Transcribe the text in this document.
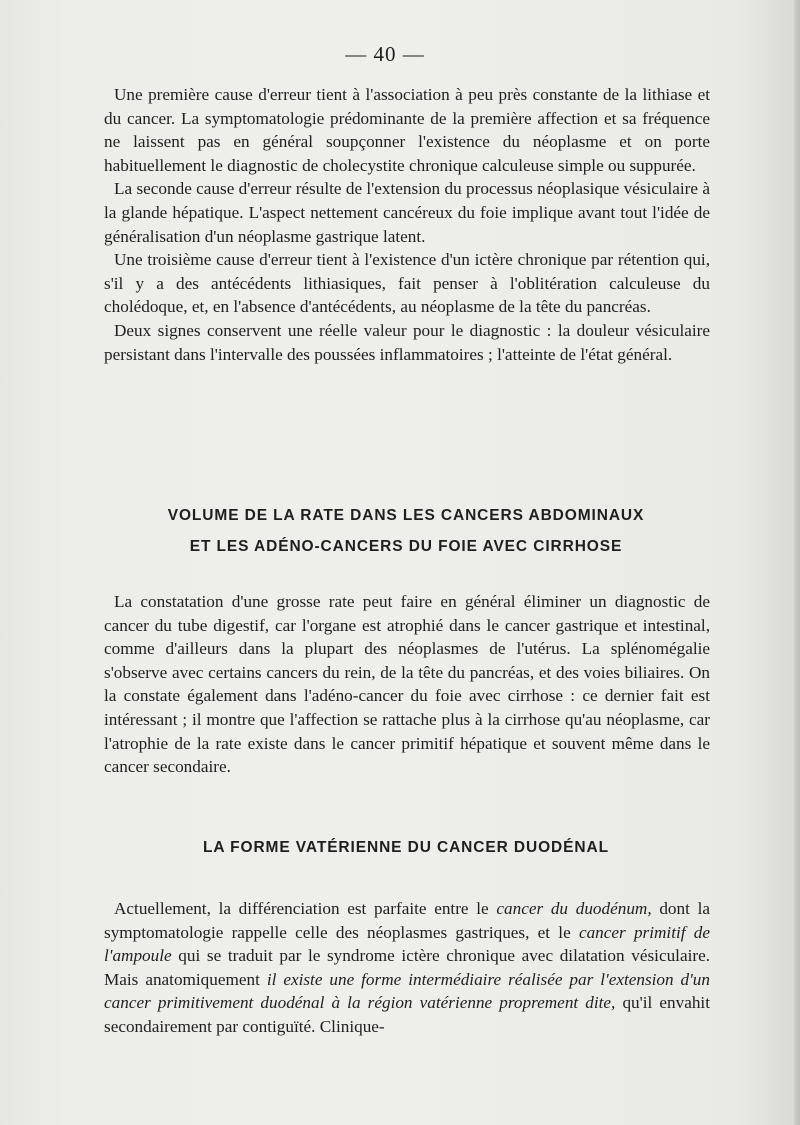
— 40 —

Une première cause d'erreur tient à l'association à peu près constante de la lithiase et du cancer. La symptomatologie prédominante de la première affection et sa fréquence ne laissent pas en général soupçonner l'existence du néoplasme et on porte habituellement le diagnostic de cholecystite chronique calculeuse simple ou suppurée.

La seconde cause d'erreur résulte de l'extension du processus néoplasique vésiculaire à la glande hépatique. L'aspect nettement cancéreux du foie implique avant tout l'idée de généralisation d'un néoplasme gastrique latent.

Une troisième cause d'erreur tient à l'existence d'un ictère chronique par rétention qui, s'il y a des antécédents lithiasiques, fait penser à l'oblitération calculeuse du cholédoque, et, en l'absence d'antécédents, au néoplasme de la tête du pancréas.

Deux signes conservent une réelle valeur pour le diagnostic : la douleur vésiculaire persistant dans l'intervalle des poussées inflammatoires ; l'atteinte de l'état général.

VOLUME DE LA RATE DANS LES CANCERS ABDOMINAUX
ET LES ADÉNO-CANCERS DU FOIE AVEC CIRRHOSE

La constatation d'une grosse rate peut faire en général éliminer un diagnostic de cancer du tube digestif, car l'organe est atrophié dans le cancer gastrique et intestinal, comme d'ailleurs dans la plupart des néoplasmes de l'utérus. La splénomégalie s'observe avec certains cancers du rein, de la tête du pancréas, et des voies biliaires. On la constate également dans l'adéno-cancer du foie avec cirrhose : ce dernier fait est intéressant ; il montre que l'affection se rattache plus à la cirrhose qu'au néoplasme, car l'atrophie de la rate existe dans le cancer primitif hépatique et souvent même dans le cancer secondaire.

LA FORME VATÉRIENNE DU CANCER DUODÉNAL

Actuellement, la différenciation est parfaite entre le cancer du duodénum, dont la symptomatologie rappelle celle des néoplasmes gastriques, et le cancer primitif de l'ampoule qui se traduit par le syndrome ictère chronique avec dilatation vésiculaire. Mais anatomiquement il existe une forme intermédiaire réalisée par l'extension d'un cancer primitivement duodénal à la région vatérienne proprement dite, qu'il envahit secondairement par contiguïté. Clinique-
